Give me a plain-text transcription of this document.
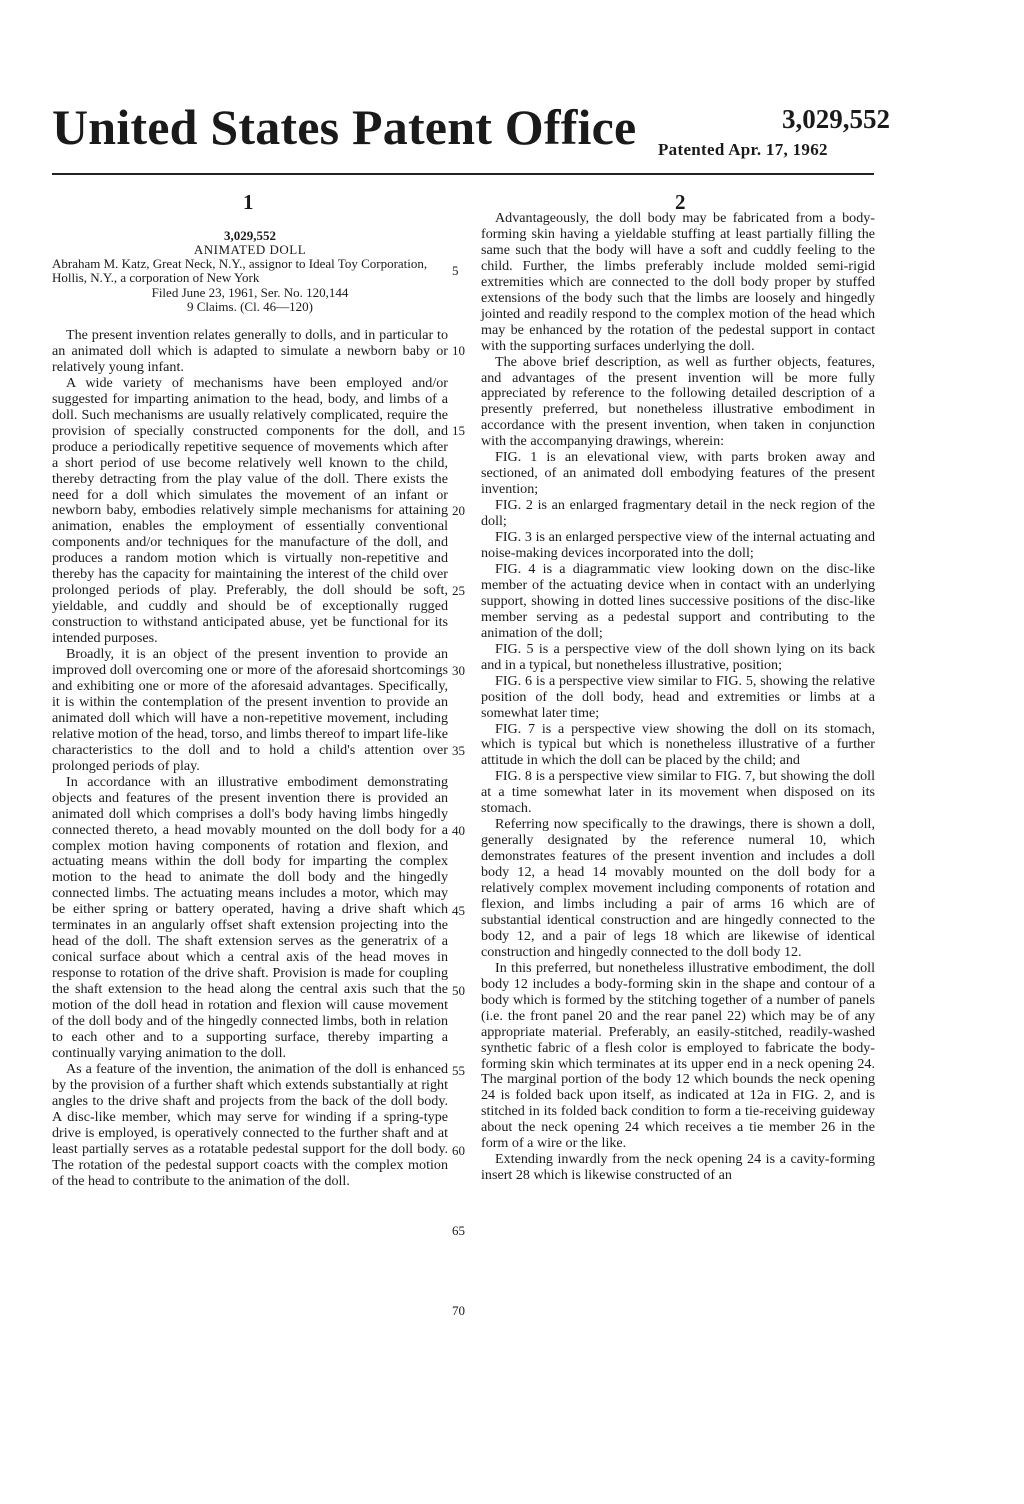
United States Patent Office	3,029,552
Patented Apr. 17, 1962
1	2
3,029,552
ANIMATED DOLL
Abraham M. Katz, Great Neck, N.Y., assignor to Ideal Toy Corporation, Hollis, N.Y., a corporation of New York
Filed June 23, 1961, Ser. No. 120,144
9 Claims. (Cl. 46—120)

The present invention relates generally to dolls, and in particular to an animated doll which is adapted to simulate a newborn baby or relatively young infant.

A wide variety of mechanisms have been employed and/or suggested for imparting animation to the head, body, and limbs of a doll. Such mechanisms are usually relatively complicated, require the provision of specially constructed components for the doll, and produce a periodically repetitive sequence of movements which after a short period of use become relatively well known to the child, thereby detracting from the play value of the doll. There exists the need for a doll which simulates the movement of an infant or newborn baby, embodies relatively simple mechanisms for attaining animation, enables the employment of essentially conventional components and/or techniques for the manufacture of the doll, and produces a random motion which is virtually non-repetitive and thereby has the capacity for maintaining the interest of the child over prolonged periods of play. Preferably, the doll should be soft, yieldable, and cuddly and should be of exceptionally rugged construction to withstand anticipated abuse, yet be functional for its intended purposes.

Broadly, it is an object of the present invention to provide an improved doll overcoming one or more of the aforesaid shortcomings and exhibiting one or more of the aforesaid advantages. Specifically, it is within the contemplation of the present invention to provide an animated doll which will have a non-repetitive movement, including relative motion of the head, torso, and limbs thereof to impart life-like characteristics to the doll and to hold a child's attention over prolonged periods of play.

In accordance with an illustrative embodiment demonstrating objects and features of the present invention there is provided an animated doll which comprises a doll's body having limbs hingedly connected thereto, a head movably mounted on the doll body for a complex motion having components of rotation and flexion, and actuating means within the doll body for imparting the complex motion to the head to animate the doll body and the hingedly connected limbs. The actuating means includes a motor, which may be either spring or battery operated, having a drive shaft which terminates in an angularly offset shaft extension projecting into the head of the doll. The shaft extension serves as the generatrix of a conical surface about which a central axis of the head moves in response to rotation of the drive shaft. Provision is made for coupling the shaft extension to the head along the central axis such that the motion of the doll head in rotation and flexion will cause movement of the doll body and of the hingedly connected limbs, both in relation to each other and to a supporting surface, thereby imparting a continually varying animation to the doll.

As a feature of the invention, the animation of the doll is enhanced by the provision of a further shaft which extends substantially at right angles to the drive shaft and projects from the back of the doll body. A disc-like member, which may serve for winding if a spring-type drive is employed, is operatively connected to the further shaft and at least partially serves as a rotatable pedestal support for the doll body. The rotation of the pedestal support coacts with the complex motion of the head to contribute to the animation of the doll.

5
10
15
20
25
30
35
40
45
50
55
60
65
70

Advantageously, the doll body may be fabricated from a body-forming skin having a yieldable stuffing at least partially filling the same such that the body will have a soft and cuddly feeling to the child. Further, the limbs preferably include molded semi-rigid extremities which are connected to the doll body proper by stuffed extensions of the body such that the limbs are loosely and hingedly jointed and readily respond to the complex motion of the head which may be enhanced by the rotation of the pedestal support in contact with the supporting surfaces underlying the doll.

The above brief description, as well as further objects, features, and advantages of the present invention will be more fully appreciated by reference to the following detailed description of a presently preferred, but nonetheless illustrative embodiment in accordance with the present invention, when taken in conjunction with the accompanying drawings, wherein:

FIG. 1 is an elevational view, with parts broken away and sectioned, of an animated doll embodying features of the present invention;

FIG. 2 is an enlarged fragmentary detail in the neck region of the doll;

FIG. 3 is an enlarged perspective view of the internal actuating and noise-making devices incorporated into the doll;

FIG. 4 is a diagrammatic view looking down on the disc-like member of the actuating device when in contact with an underlying support, showing in dotted lines successive positions of the disc-like member serving as a pedestal support and contributing to the animation of the doll;

FIG. 5 is a perspective view of the doll shown lying on its back and in a typical, but nonetheless illustrative, position;

FIG. 6 is a perspective view similar to FIG. 5, showing the relative position of the doll body, head and extremities or limbs at a somewhat later time;

FIG. 7 is a perspective view showing the doll on its stomach, which is typical but which is nonetheless illustrative of a further attitude in which the doll can be placed by the child; and

FIG. 8 is a perspective view similar to FIG. 7, but showing the doll at a time somewhat later in its movement when disposed on its stomach.

Referring now specifically to the drawings, there is shown a doll, generally designated by the reference numeral 10, which demonstrates features of the present invention and includes a doll body 12, a head 14 movably mounted on the doll body for a relatively complex movement including components of rotation and flexion, and limbs including a pair of arms 16 which are of substantial identical construction and are hingedly connected to the body 12, and a pair of legs 18 which are likewise of identical construction and hingedly connected to the doll body 12.

In this preferred, but nonetheless illustrative embodiment, the doll body 12 includes a body-forming skin in the shape and contour of a body which is formed by the stitching together of a number of panels (i.e. the front panel 20 and the rear panel 22) which may be of any appropriate material. Preferably, an easily-stitched, readily-washed synthetic fabric of a flesh color is employed to fabricate the body-forming skin which terminates at its upper end in a neck opening 24. The marginal portion of the body 12 which bounds the neck opening 24 is folded back upon itself, as indicated at 12a in FIG. 2, and is stitched in its folded back condition to form a tie-receiving guideway about the neck opening 24 which receives a tie member 26 in the form of a wire or the like.

Extending inwardly from the neck opening 24 is a cavity-forming insert 28 which is likewise constructed of an
